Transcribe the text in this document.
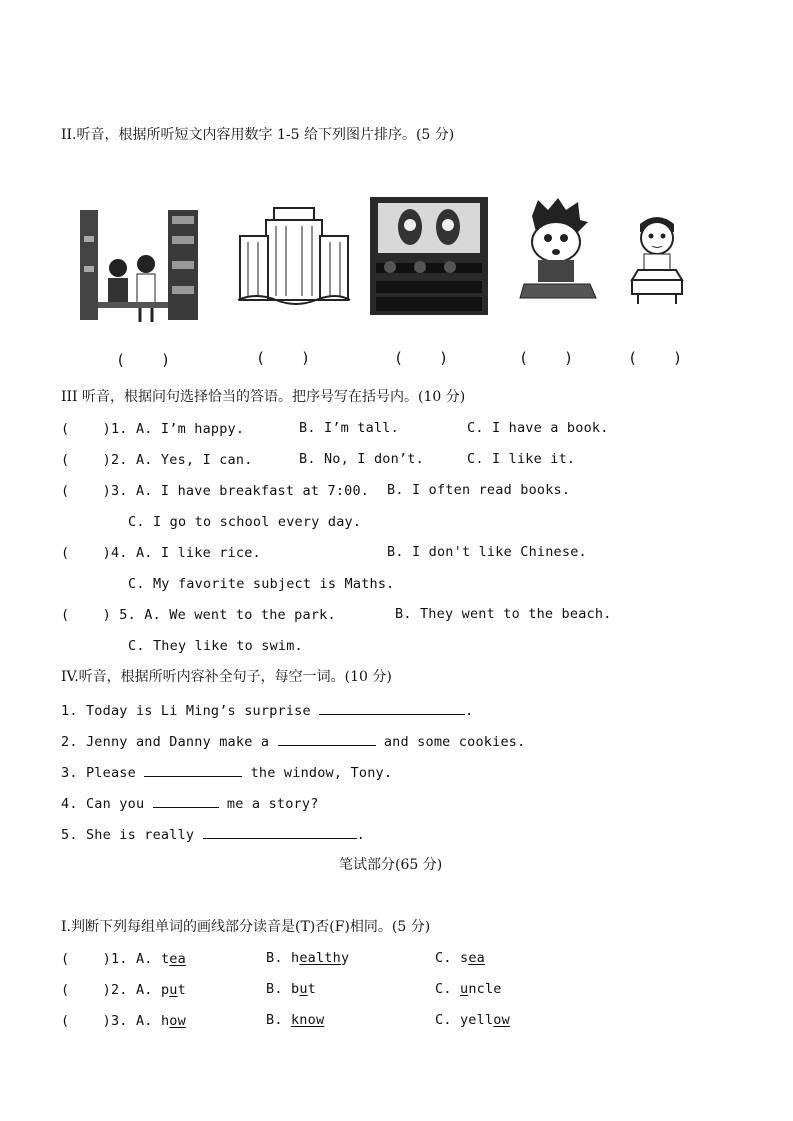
II.听音，根据所听短文内容用数字 1-5 给下列图片排序。(5 分)
(    )	(    )	(    )	(    )	(    )
III 听音，根据问句选择恰当的答语。把序号写在括号内。(10 分)
(    )1. A. I’m happy.	B. I’m tall.	C. I have a book.
(    )2. A. Yes, I can.	B. No, I don’t.	C. I like it.
(    )3. A. I have breakfast at 7:00. B. I often read books.
C. I go to school every day.
(    )4. A. I like rice.	B. I don't like Chinese.
C. My favorite subject is Maths.
(    ) 5. A. We went to the park.	B. They went to the beach.
C. They like to swim.
IV.听音，根据所听内容补全句子，每空一词。(10 分)
1. Today is Li Ming’s surprise	.
2. Jenny and Danny make a	and some cookies.
3. Please	the window, Tony.
4. Can you	me a story?
5. She is really	.
笔试部分(65 分)
I.判断下列每组单词的画线部分读音是(T)否(F)相同。(5 分)
(    )1. A. tea	B. healthy	C. sea
(    )2. A. put	B. but	C. uncle
(    )3. A. how	B. know	C. yellow
